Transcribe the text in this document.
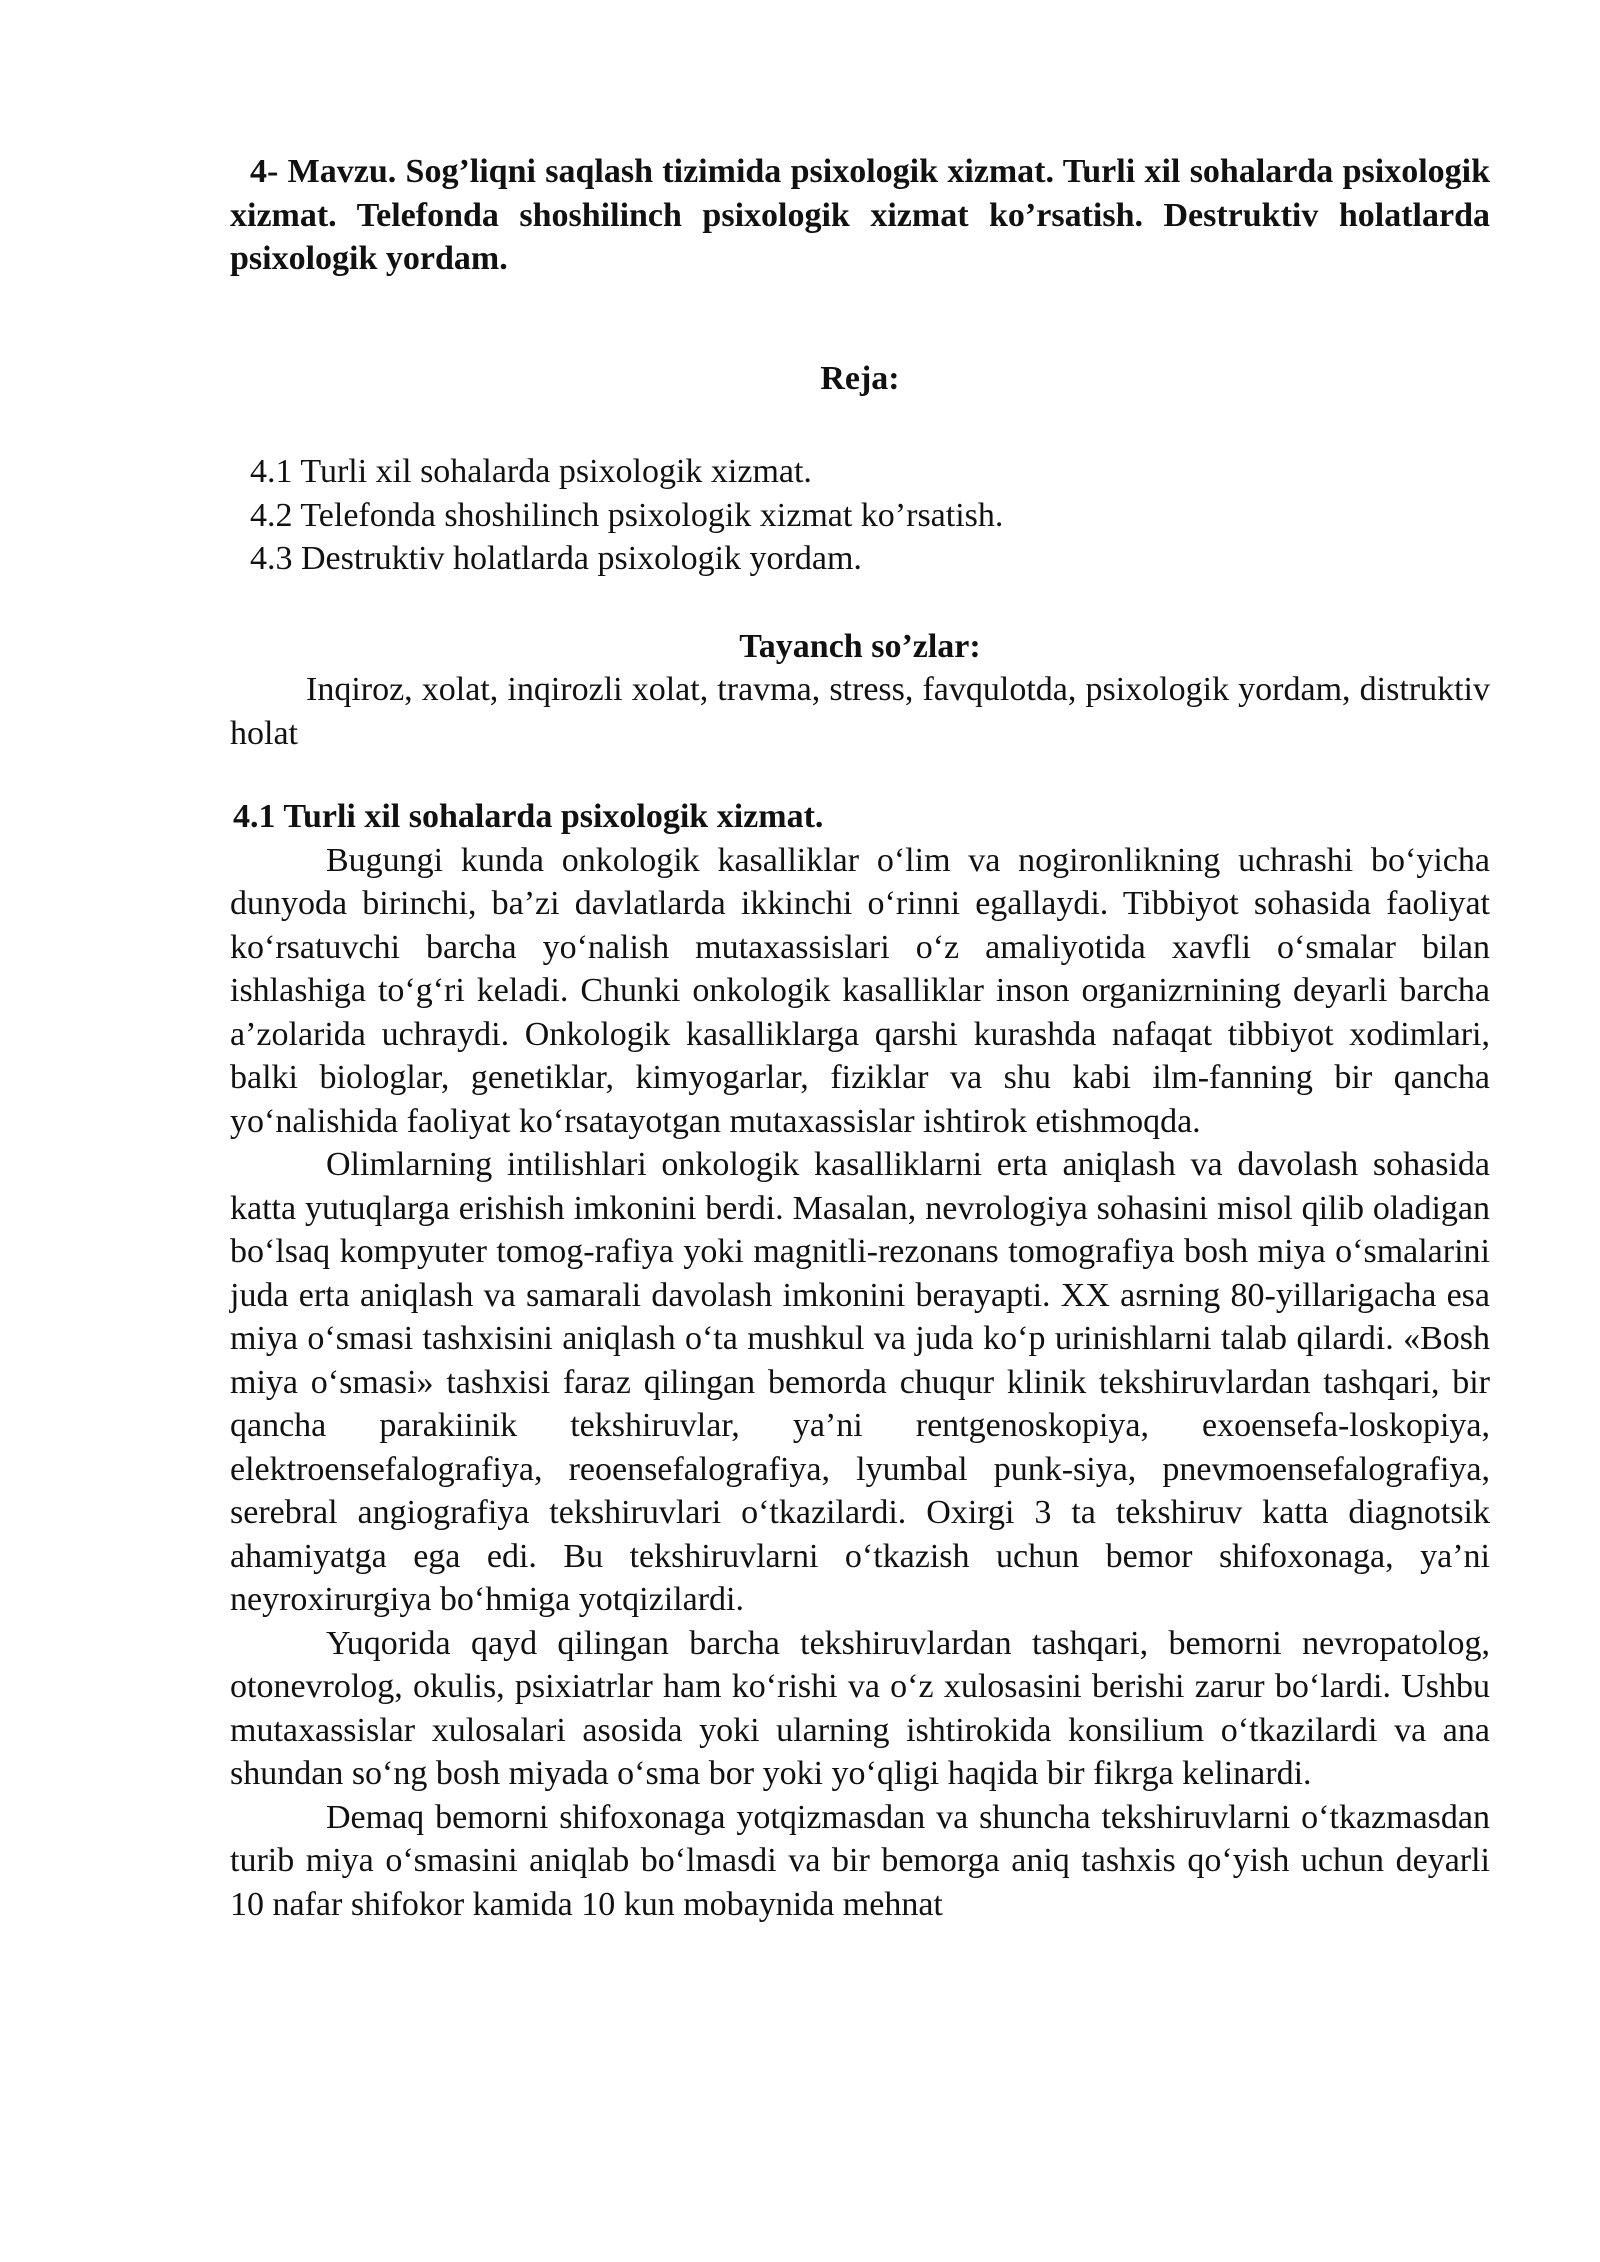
4- Mavzu. Sog’liqni saqlash tizimida psixologik xizmat. Turli xil sohalarda psixologik xizmat. Telefonda shoshilinch psixologik xizmat ko’rsatish. Destruktiv holatlarda psixologik yordam.

Reja:

4.1 Turli xil sohalarda psixologik xizmat.
4.2 Telefonda shoshilinch psixologik xizmat ko’rsatish.
4.3 Destruktiv holatlarda psixologik yordam.

Tayanch so’zlar:

Inqiroz, xolat, inqirozli xolat, travma, stress, favqulotda, psixologik yordam, distruktiv holat

4.1 Turli xil sohalarda psixologik xizmat.

Bugungi kunda onkologik kasalliklar o‘lim va nogironlikning uchrashi bo‘yicha dunyoda birinchi, ba’zi davlatlarda ikkinchi o‘rinni egallaydi. Tibbiyot sohasida faoliyat ko‘rsatuvchi barcha yo‘nalish mutaxassislari o‘z amaliyotida xavfli o‘smalar bilan ishlashiga to‘g‘ri keladi. Chunki onkologik kasalliklar inson organizrnining deyarli barcha a’zolarida uchraydi. Onkologik kasalliklarga qarshi kurashda nafaqat tibbiyot xodimlari, balki biologlar, genetiklar, kimyogarlar, fiziklar va shu kabi ilm-fanning bir qancha yo‘nalishida faoliyat ko‘rsatayotgan mutaxassislar ishtirok etishmoqda.

Olimlarning intilishlari onkologik kasalliklarni erta aniqlash va davolash sohasida katta yutuqlarga erishish imkonini berdi. Masalan, nevrologiya sohasini misol qilib oladigan bo‘lsaq kompyuter tomog-rafiya yoki magnitli-rezonans tomografiya bosh miya o‘smalarini juda erta aniqlash va samarali davolash imkonini berayapti. XX asrning 80-yillarigacha esa miya o‘smasi tashxisini aniqlash o‘ta mushkul va juda ko‘p urinishlarni talab qilardi. «Bosh miya o‘smasi» tashxisi faraz qilingan bemorda chuqur klinik tekshiruvlardan tashqari, bir qancha parakiinik tekshiruvlar, ya’ni rentgenoskopiya, exoensefa-loskopiya, elektroensefalografiya, reoensefalografiya, lyumbal punk-siya, pnevmoensefalografiya, serebral angiografiya tekshiruvlari o‘tkazilardi. Oxirgi 3 ta tekshiruv katta diagnotsik ahamiyatga ega edi. Bu tekshiruvlarni o‘tkazish uchun bemor shifoxonaga, ya’ni neyroxirurgiya bo‘hmiga yotqizilardi.

Yuqorida qayd qilingan barcha tekshiruvlardan tashqari, bemorni nevropatolog, otonevrolog, okulis, psixiatrlar ham ko‘rishi va o‘z xulosasini berishi zarur bo‘lardi. Ushbu mutaxassislar xulosalari asosida yoki ularning ishtirokida konsilium o‘tkazilardi va ana shundan so‘ng bosh miyada o‘sma bor yoki yo‘qligi haqida bir fikrga kelinardi.

Demaq bemorni shifoxonaga yotqizmasdan va shuncha tekshiruvlarni o‘tkazmasdan turib miya o‘smasini aniqlab bo‘lmasdi va bir bemorga aniq tashxis qo‘yish uchun deyarli 10 nafar shifokor kamida 10 kun mobaynida mehnat
